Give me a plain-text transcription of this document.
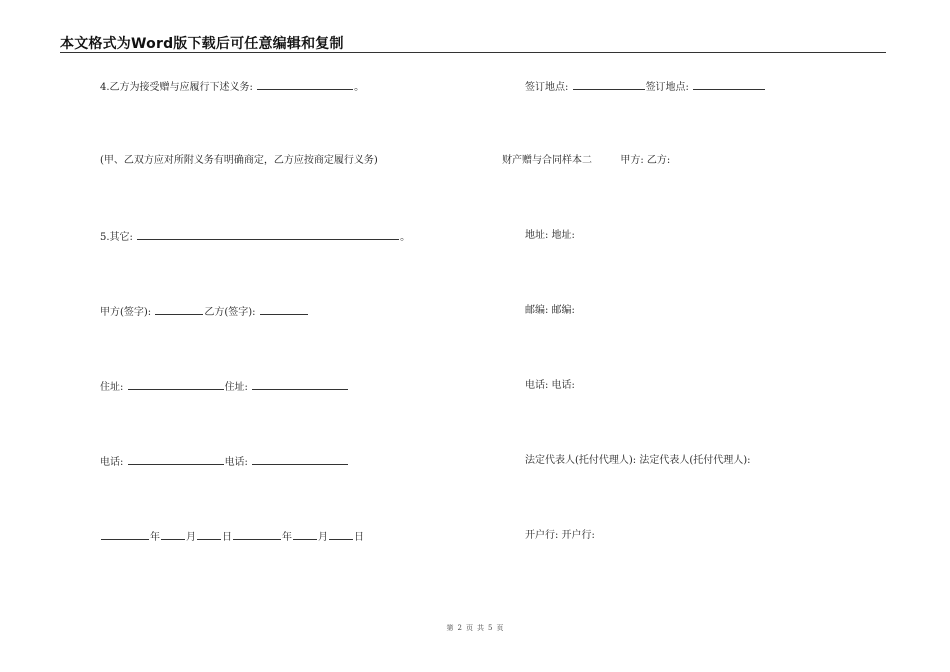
本文格式为Word版下载后可任意编辑和复制
4.乙方为接受赠与应履行下述义务:	。
(甲、乙双方应对所附义务有明确商定，乙方应按商定履行义务)
5.其它:	。
甲方(签字):	乙方(签字):
住址:	住址:
电话:	电话:
年	月	日	年	月	日
签订地点:	签订地点:
财产赠与合同样本二	甲方: 乙方:
地址: 地址:
邮编: 邮编:
电话: 电话:
法定代表人(托付代理人): 法定代表人(托付代理人):
开户行: 开户行:
第 2 页 共 5 页
